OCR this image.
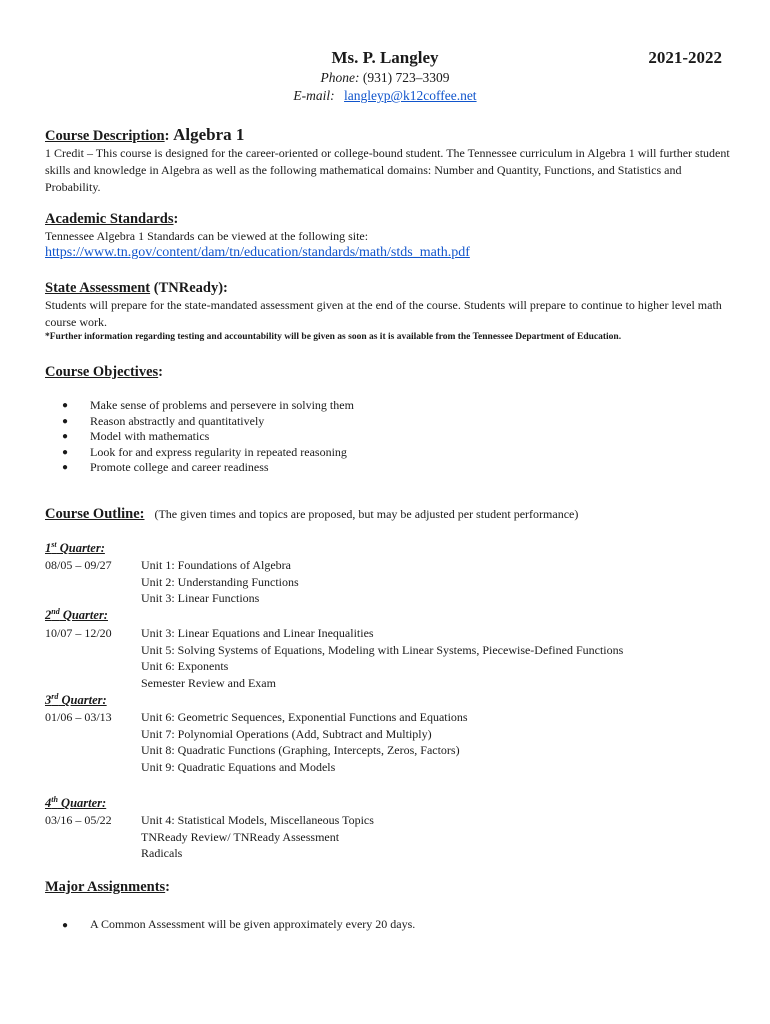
Ms. P. Langley	2021-2022
Phone: (931) 723–3309
E-mail: langleyp@k12coffee.net
Course Description: Algebra 1
1 Credit – This course is designed for the career-oriented or college-bound student. The Tennessee curriculum in Algebra 1 will further student skills and knowledge in Algebra as well as the following mathematical domains: Number and Quantity, Functions, and Statistics and Probability.
Academic Standards:
Tennessee Algebra 1 Standards can be viewed at the following site:
https://www.tn.gov/content/dam/tn/education/standards/math/stds_math.pdf
State Assessment (TNReady):
Students will prepare for the state-mandated assessment given at the end of the course. Students will prepare to continue to higher level math course work.
*Further information regarding testing and accountability will be given as soon as it is available from the Tennessee Department of Education.
Course Objectives:
● Make sense of problems and persevere in solving them
● Reason abstractly and quantitatively
● Model with mathematics
● Look for and express regularity in repeated reasoning
● Promote college and career readiness
Course Outline: (The given times and topics are proposed, but may be adjusted per student performance)
1st Quarter:
08/05 – 09/27 Unit 1: Foundations of Algebra
Unit 2: Understanding Functions
Unit 3: Linear Functions
2nd Quarter:
10/07 – 12/20 Unit 3: Linear Equations and Linear Inequalities
Unit 5: Solving Systems of Equations, Modeling with Linear Systems, Piecewise-Defined Functions
Unit 6: Exponents
Semester Review and Exam
3rd Quarter:
01/06 – 03/13 Unit 6: Geometric Sequences, Exponential Functions and Equations
Unit 7: Polynomial Operations (Add, Subtract and Multiply)
Unit 8: Quadratic Functions (Graphing, Intercepts, Zeros, Factors)
Unit 9: Quadratic Equations and Models
4th Quarter:
03/16 – 05/22 Unit 4: Statistical Models, Miscellaneous Topics
TNReady Review/ TNReady Assessment
Radicals
Major Assignments:
● A Common Assessment will be given approximately every 20 days.
